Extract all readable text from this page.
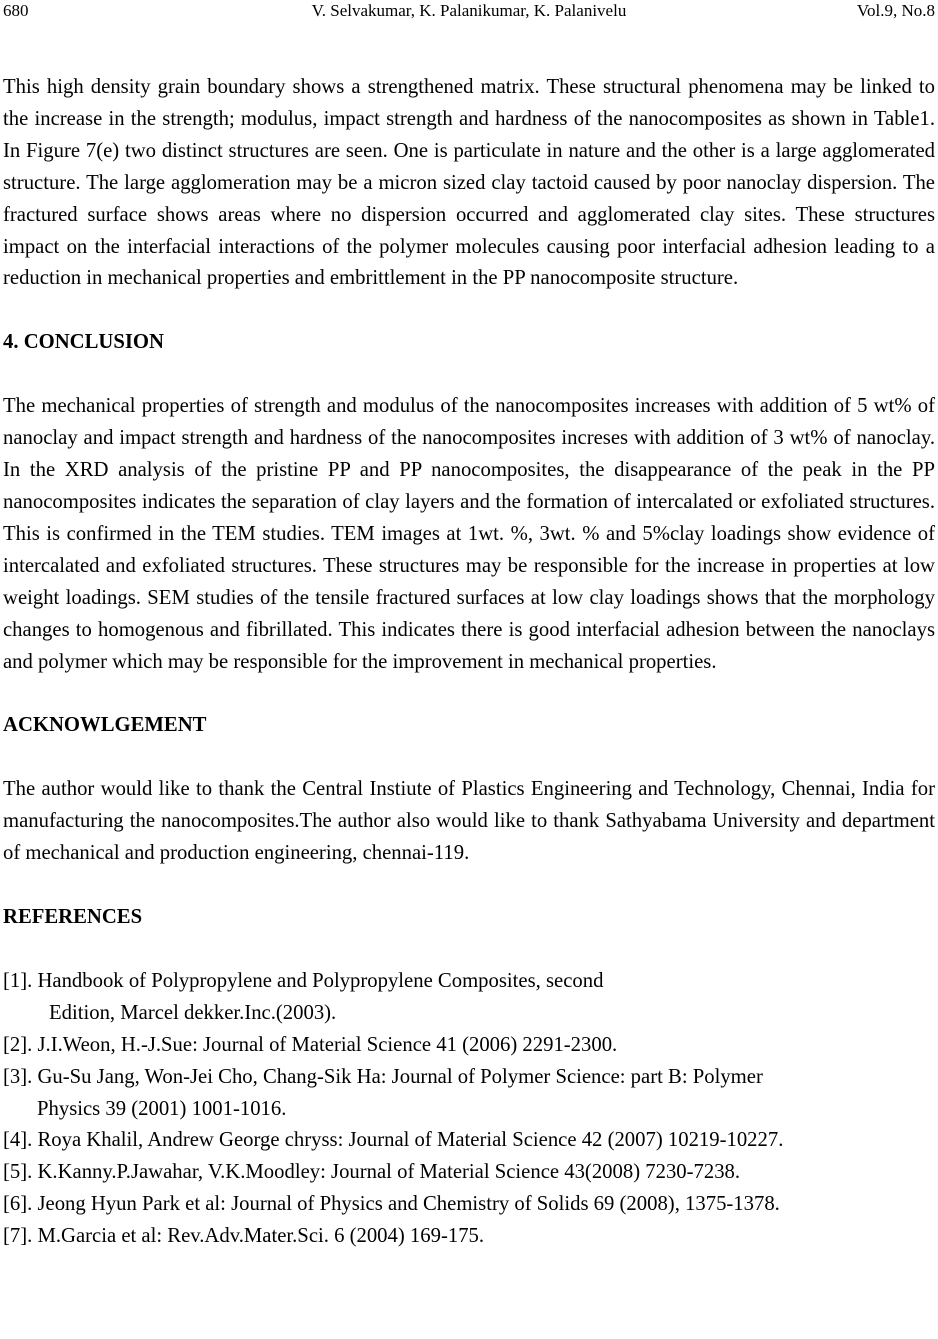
680	V. Selvakumar, K. Palanikumar, K. Palanivelu	Vol.9, No.8

This high density grain boundary shows a strengthened matrix. These structural phenomena may be linked to the increase in the strength; modulus, impact strength and hardness of the nanocomposites as shown in Table1. In Figure 7(e) two distinct structures are seen. One is particulate in nature and the other is a large agglomerated structure. The large agglomeration may be a micron sized clay tactoid caused by poor nanoclay dispersion. The fractured surface shows areas where no dispersion occurred and agglomerated clay sites. These structures impact on the interfacial interactions of the polymer molecules causing poor interfacial adhesion leading to a reduction in mechanical properties and embrittlement in the PP nanocomposite structure.

4. CONCLUSION

The mechanical properties of strength and modulus of the nanocomposites increases with addition of 5 wt% of nanoclay and impact strength and hardness of the nanocomposites increses with addition of 3 wt% of nanoclay. In the XRD analysis of the pristine PP and PP nanocomposites, the disappearance of the peak in the PP nanocomposites indicates the separation of clay layers and the formation of intercalated or exfoliated structures. This is confirmed in the TEM studies. TEM images at 1wt. %, 3wt. % and 5%clay loadings show evidence of intercalated and exfoliated structures. These structures may be responsible for the increase in properties at low weight loadings. SEM studies of the tensile fractured surfaces at low clay loadings shows that the morphology changes to homogenous and fibrillated. This indicates there is good interfacial adhesion between the nanoclays and polymer which may be responsible for the improvement in mechanical properties.

ACKNOWLGEMENT

The author would like to thank the Central Instiute of Plastics Engineering and Technology, Chennai, India for manufacturing the nanocomposites.The author also would like to thank Sathyabama University and department of mechanical and production engineering, chennai-119.

REFERENCES
[1]. Handbook of Polypropylene and Polypropylene Composites, second
Edition, Marcel dekker.Inc.(2003).
[2]. J.I.Weon, H.-J.Sue: Journal of Material Science 41 (2006) 2291-2300.
[3]. Gu-Su Jang, Won-Jei Cho, Chang-Sik Ha: Journal of Polymer Science: part B: Polymer
Physics 39 (2001) 1001-1016.
[4]. Roya Khalil, Andrew George chryss: Journal of Material Science 42 (2007) 10219-10227.
[5]. K.Kanny.P.Jawahar, V.K.Moodley: Journal of Material Science 43(2008) 7230-7238.
[6]. Jeong Hyun Park et al: Journal of Physics and Chemistry of Solids 69 (2008), 1375-1378.
[7]. M.Garcia et al: Rev.Adv.Mater.Sci. 6 (2004) 169-175.
